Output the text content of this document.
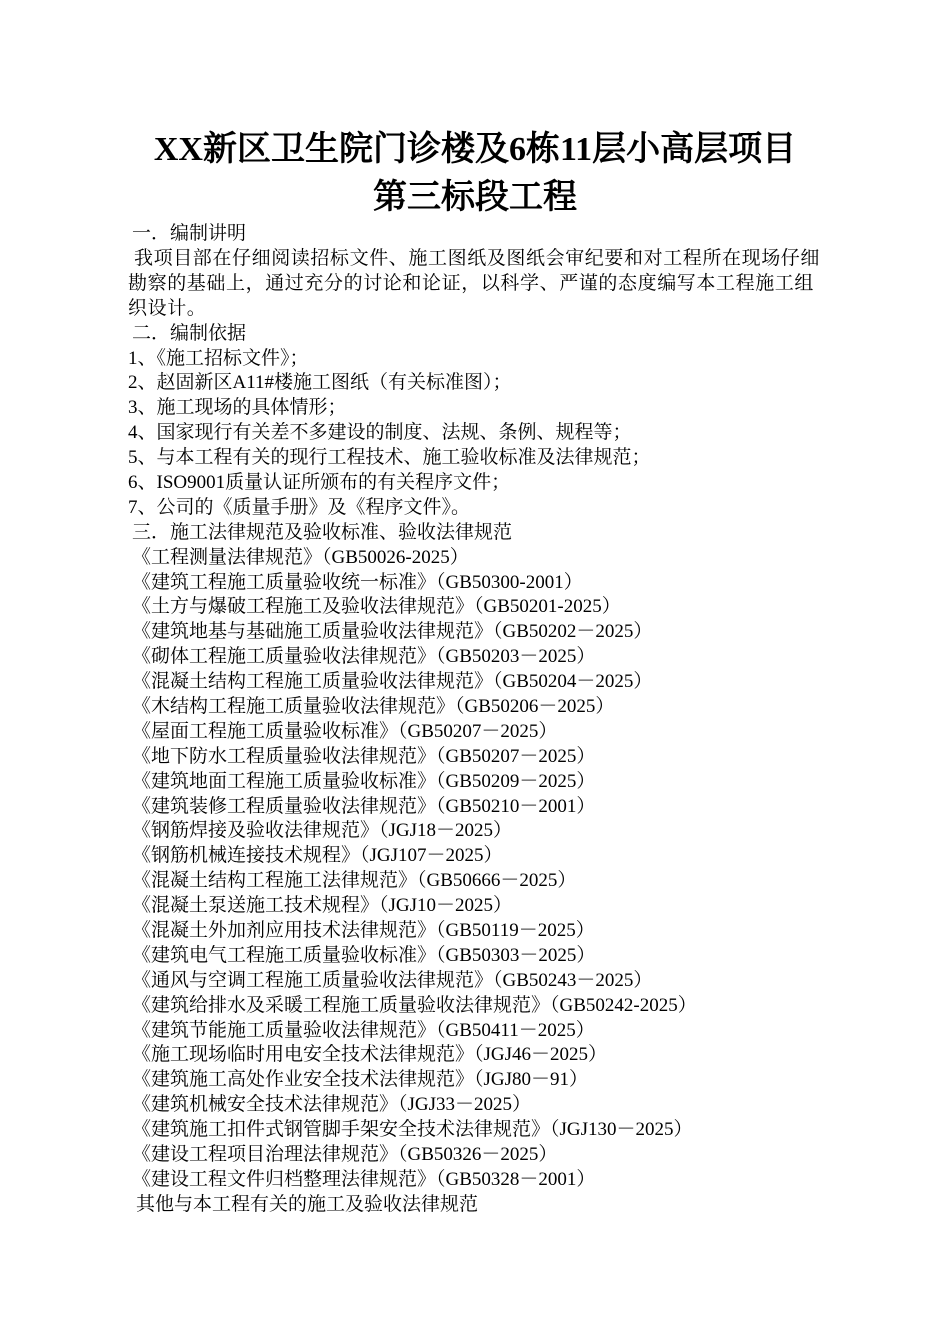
XX新区卫生院门诊楼及6栋11层小高层项目
第三标段工程
一．编制讲明
我项目部在仔细阅读招标文件、施工图纸及图纸会审纪要和对工程所在现场仔细勘察的基础上，通过充分的讨论和论证，以科学、严谨的态度编写本工程施工组织设计。
二．编制依据
1、《施工招标文件》；
2、赵固新区A11#楼施工图纸（有关标准图）；
3、施工现场的具体情形；
4、国家现行有关差不多建设的制度、法规、条例、规程等；
5、与本工程有关的现行工程技术、施工验收标准及法律规范；
6、ISO9001质量认证所颁布的有关程序文件；
7、公司的《质量手册》及《程序文件》。
三．施工法律规范及验收标准、验收法律规范
《工程测量法律规范》（GB50026-2025）
《建筑工程施工质量验收统一标准》（GB50300-2001）
《土方与爆破工程施工及验收法律规范》（GB50201-2025）
《建筑地基与基础施工质量验收法律规范》（GB50202－2025）
《砌体工程施工质量验收法律规范》（GB50203－2025）
《混凝土结构工程施工质量验收法律规范》（GB50204－2025）
《木结构工程施工质量验收法律规范》（GB50206－2025）
《屋面工程施工质量验收标准》（GB50207－2025）
《地下防水工程质量验收法律规范》（GB50207－2025）
《建筑地面工程施工质量验收标准》（GB50209－2025）
《建筑装修工程质量验收法律规范》（GB50210－2001）
《钢筋焊接及验收法律规范》（JGJ18－2025）
《钢筋机械连接技术规程》（JGJ107－2025）
《混凝土结构工程施工法律规范》（GB50666－2025）
《混凝土泵送施工技术规程》（JGJ10－2025）
《混凝土外加剂应用技术法律规范》（GB50119－2025）
《建筑电气工程施工质量验收标准》（GB50303－2025）
《通风与空调工程施工质量验收法律规范》（GB50243－2025）
《建筑给排水及采暖工程施工质量验收法律规范》（GB50242-2025）
《建筑节能施工质量验收法律规范》（GB50411－2025）
《施工现场临时用电安全技术法律规范》（JGJ46－2025）
《建筑施工高处作业安全技术法律规范》（JGJ80－91）
《建筑机械安全技术法律规范》（JGJ33－2025）
《建筑施工扣件式钢管脚手架安全技术法律规范》（JGJ130－2025）
《建设工程项目治理法律规范》（GB50326－2025）
《建设工程文件归档整理法律规范》（GB50328－2001）
其他与本工程有关的施工及验收法律规范
